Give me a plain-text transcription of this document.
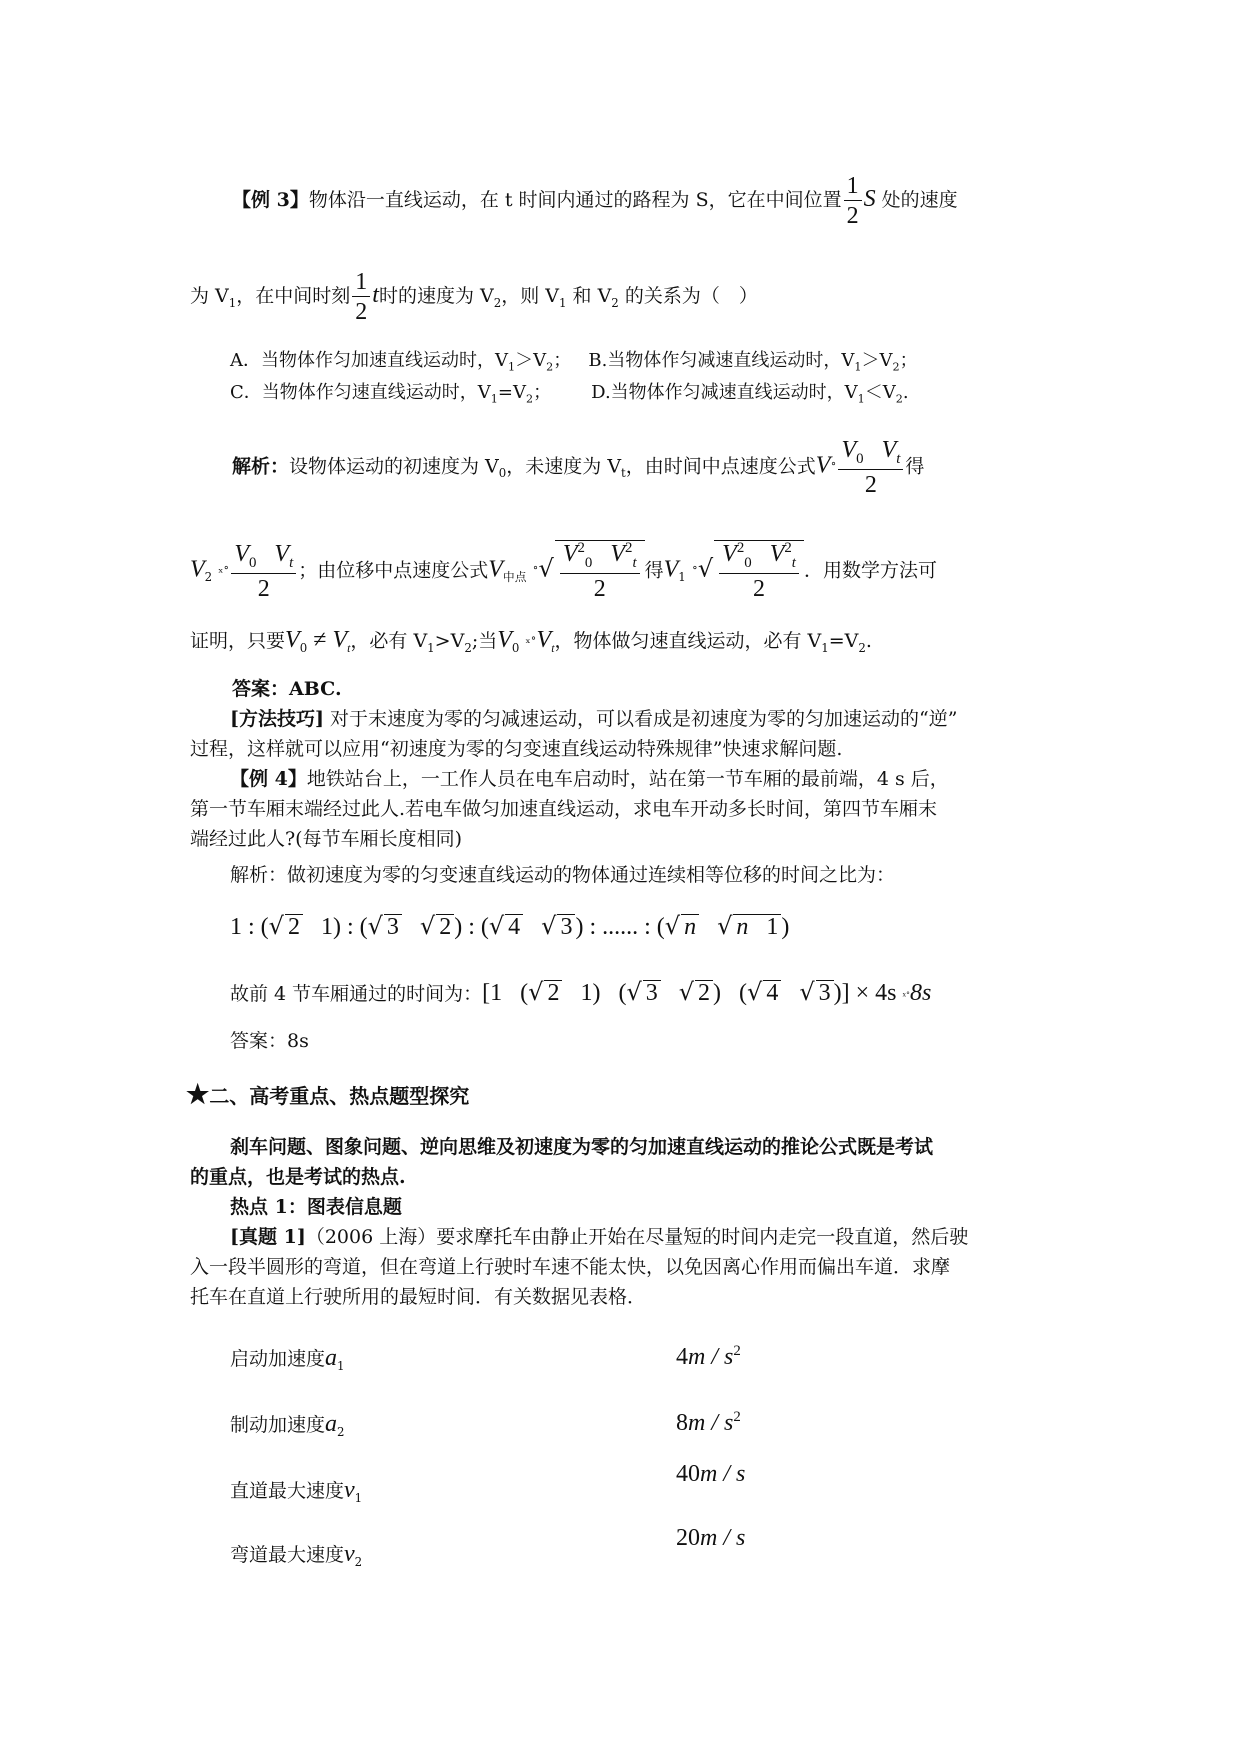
【例 3】物体沿一直线运动，在 t 时间内通过的路程为 S，它在中间位置 $\frac{1}{2}$ S 处的速度
为 $V_1$，在中间时刻 $\frac{1}{2}$ t时的速度为 $V_2$，则 $V_1$ 和 $V_2$ 的关系为（　）
A．当物体作匀加速直线运动时，$V_1>V_2$； B.当物体作匀减速直线运动时，$V_1>V_2$；
C．当物体作匀速直线运动时，$V_1=V_2$； D.当物体作匀减速直线运动时，$V_1<V_2$.
解析：设物体运动的初速度为 $V_0$，未速度为 $V_t$，由时间中点速度公式V˚ $\frac{V_0 V_t}{2}$ 得
$V_2$ ˣ˚ $\frac{V_0 V_t}{2}$ ；由位移中点速度公式$V_{中点}$ ˚√ $\frac{V^2_0 V^2_t}{2}$ 得$V_1$ ˚√ $\frac{V^2_0 V^2_t}{2}$ ．用数学方法可
证明，只要$V_0 \ne V_t$，必有 $V_1>V_2$;当$V_0$ $ˣ˚V_t$，物体做匀速直线运动，必有 $V_1=V_2$.
答案：ABC.
[方法技巧] 对于末速度为零的匀减速运动，可以看成是初速度为零的匀加速运动的“逆”
过程，这样就可以应用“初速度为零的匀变速直线运动特殊规律”快速求解问题.
【例 4】地铁站台上，一工作人员在电车启动时，站在第一节车厢的最前端，4 s 后，
第一节车厢末端经过此人.若电车做匀加速直线运动，求电车开动多长时间，第四节车厢末
端经过此人?(每节车厢长度相同)
解析：做初速度为零的匀变速直线运动的物体通过连续相等位移的时间之比为：
1 : (√ 2 1) : (√ 3 √ 2 ) : (√ 4 √ 3 ) : ...... : (√ n √ n 1 )
故前 4 节车厢通过的时间为：[1   (√ 2 1)   (√ 3 √ 2 )   (√ 4 √ 3 )] × 4s ˣ˚8s
答案：8s
★二、高考重点、热点题型探究
刹车问题、图象问题、逆向思维及初速度为零的匀加速直线运动的推论公式既是考试
的重点，也是考试的热点.
热点 1：图表信息题
[真题 1]（2006 上海）要求摩托车由静止开始在尽量短的时间内走完一段直道，然后驶
入一段半圆形的弯道，但在弯道上行驶时车速不能太快，以免因离心作用而偏出车道．求摩
托车在直道上行驶所用的最短时间．有关数据见表格．
启动加速度$a_1$	$4m / s^2$
制动加速度$a_2$	$8m / s^2$
直道最大速度$v_1$
40m / s
弯道最大速度$v_2$
20m / s
